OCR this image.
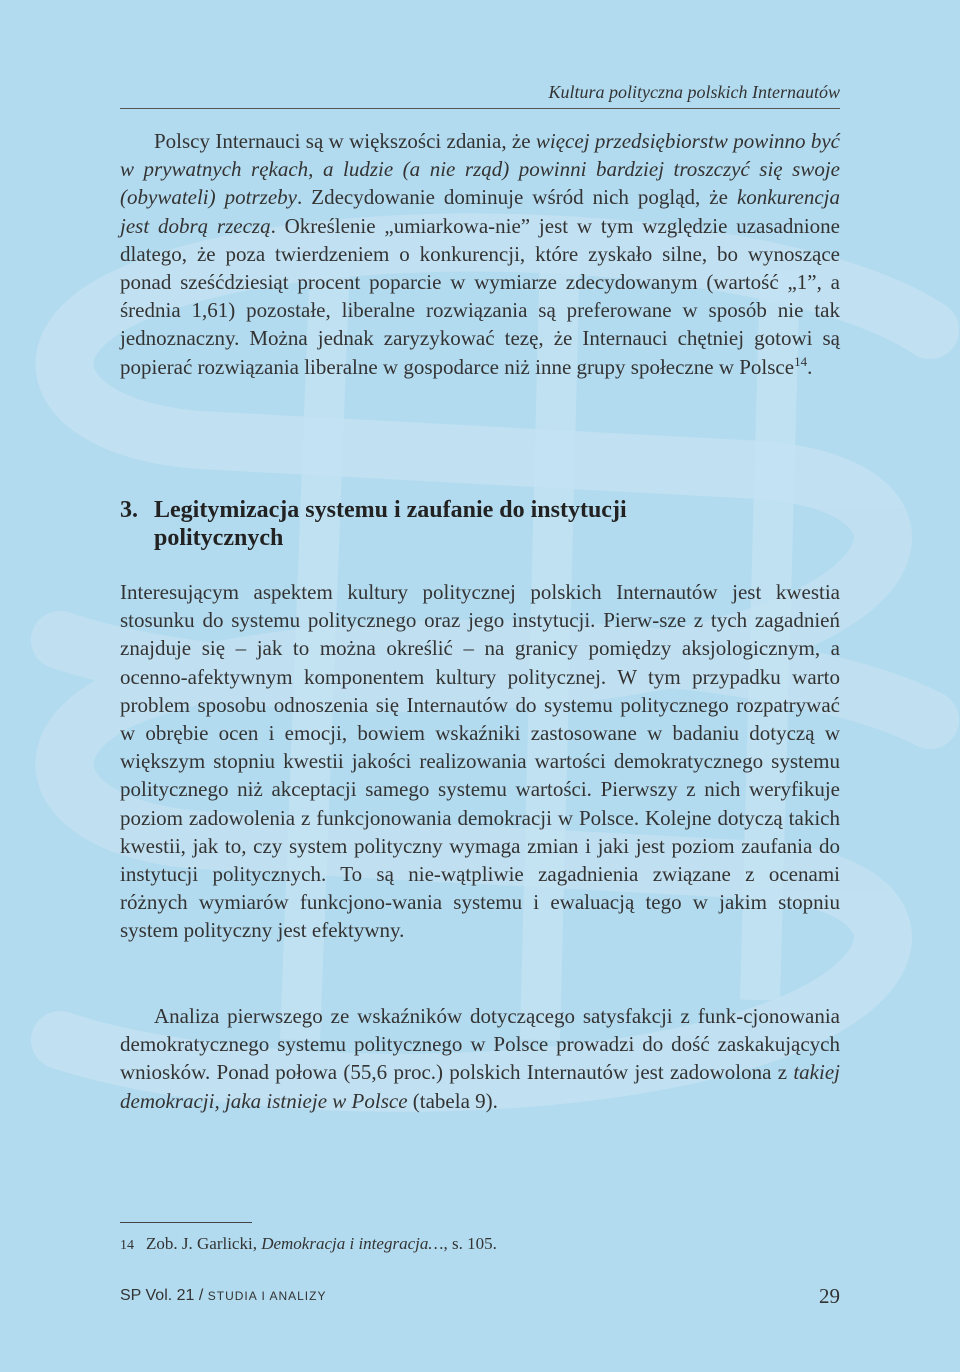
Kultura polityczna polskich Internautów

Polscy Internauci są w większości zdania, że więcej przedsiębiorstw powinno być w prywatnych rękach, a ludzie (a nie rząd) powinni bardziej troszczyć się swoje (obywateli) potrzeby. Zdecydowanie dominuje wśród nich pogląd, że konkurencja jest dobrą rzeczą. Określenie „umiarkowa-nie” jest w tym względzie uzasadnione dlatego, że poza twierdzeniem o konkurencji, które zyskało silne, bo wynoszące ponad sześćdziesiąt procent poparcie w wymiarze zdecydowanym (wartość „1”, a średnia 1,61) pozostałe, liberalne rozwiązania są preferowane w sposób nie tak jednoznaczny. Można jednak zaryzykować tezę, że Internauci chętniej gotowi są popierać rozwiązania liberalne w gospodarce niż inne grupy społeczne w Polsce$^{14}$.

3. Legitymizacja systemu i zaufanie do instytucji
politycznych

Interesującym aspektem kultury politycznej polskich Internautów jest kwestia stosunku do systemu politycznego oraz jego instytucji. Pierw-sze z tych zagadnień znajduje się – jak to można określić – na granicy pomiędzy aksjologicznym, a ocenno-afektywnym komponentem kultury politycznej. W tym przypadku warto problem sposobu odnoszenia się Internautów do systemu politycznego rozpatrywać w obrębie ocen i emocji, bowiem wskaźniki zastosowane w badaniu dotyczą w większym stopniu kwestii jakości realizowania wartości demokratycznego systemu politycznego niż akceptacji samego systemu wartości. Pierwszy z nich weryfikuje poziom zadowolenia z funkcjonowania demokracji w Polsce. Kolejne dotyczą takich kwestii, jak to, czy system polityczny wymaga zmian i jaki jest poziom zaufania do instytucji politycznych. To są nie-wątpliwie zagadnienia związane z ocenami różnych wymiarów funkcjono-wania systemu i ewaluacją tego w jakim stopniu system polityczny jest efektywny.

Analiza pierwszego ze wskaźników dotyczącego satysfakcji z funk-cjonowania demokratycznego systemu politycznego w Polsce prowadzi do dość zaskakujących wniosków. Ponad połowa (55,6 proc.) polskich Internautów jest zadowolona z takiej demokracji, jaka istnieje w Polsce (tabela 9).

14 Zob. J. Garlicki, Demokracja i integracja…, s. 105.
SP Vol. 21 / STUDIA I ANALIZY	29
